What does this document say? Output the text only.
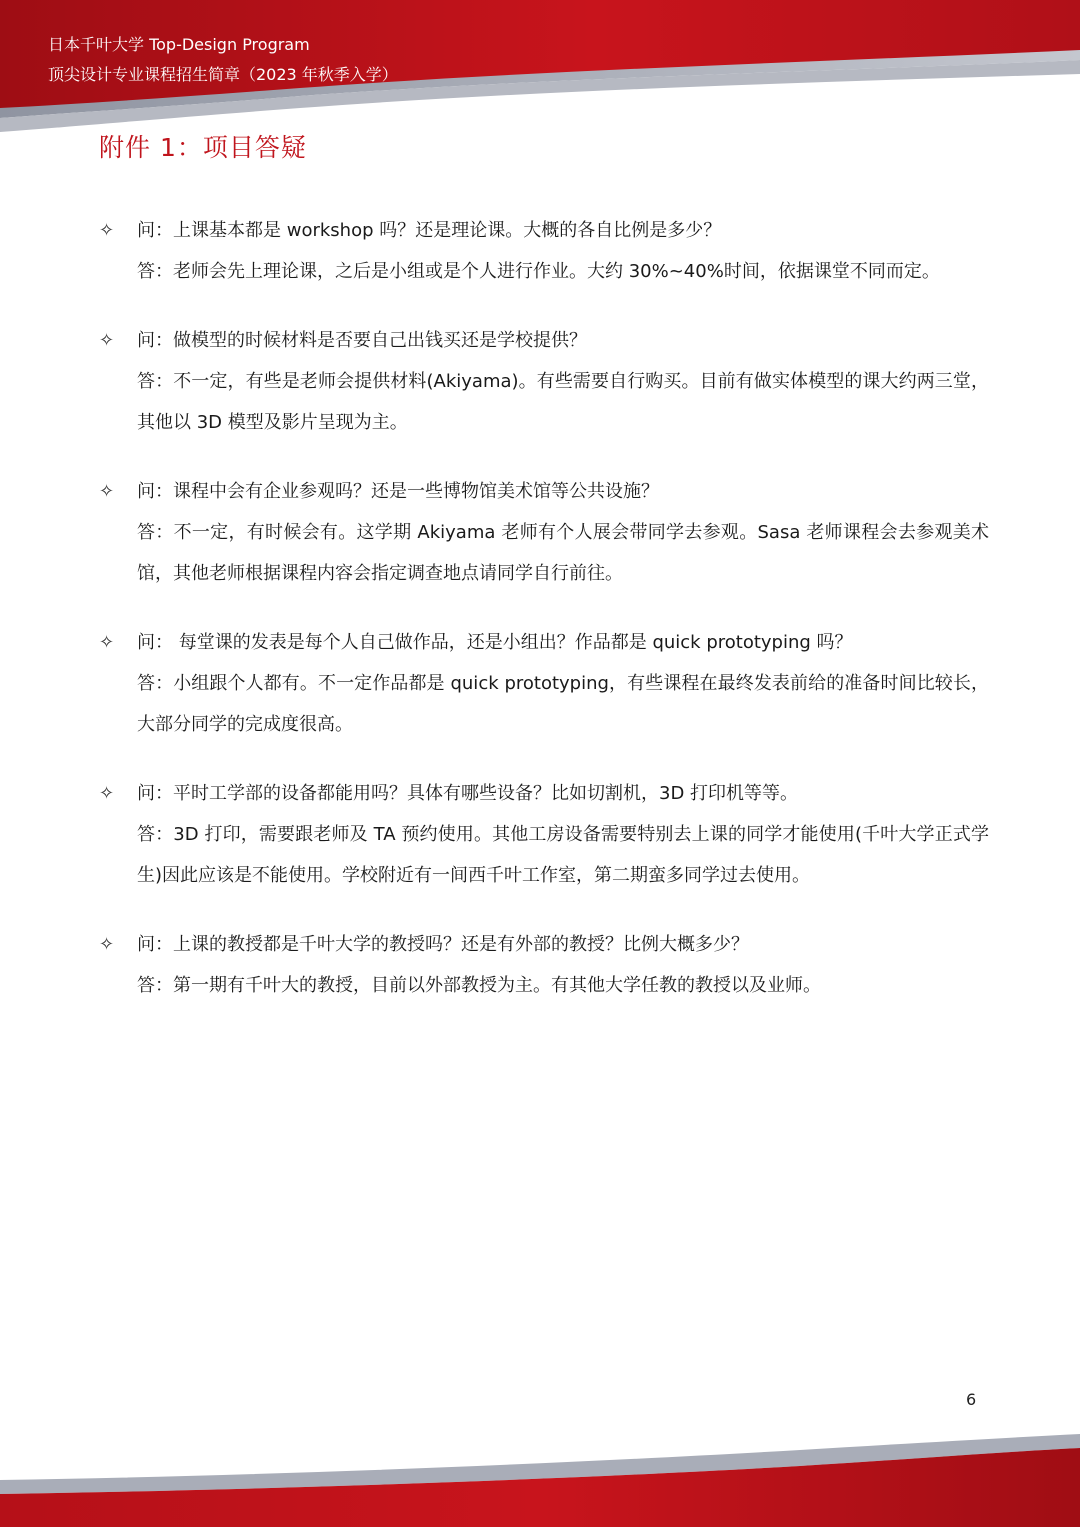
日本千叶大学 Top-Design Program
顶尖设计专业课程招生简章（2023 年秋季入学）
附件 1：项目答疑
✧	问：上课基本都是 workshop 吗？还是理论课。大概的各自比例是多少？

答：老师会先上理论课，之后是小组或是个人进行作业。大约 30%~40%时间，依据课堂不同而定。

✧	问：做模型的时候材料是否要自己出钱买还是学校提供？

答：不一定，有些是老师会提供材料(Akiyama)。有些需要自行购买。目前有做实体模型的课大约两三堂，其他以 3D 模型及影片呈现为主。

✧	问：课程中会有企业参观吗？还是一些博物馆美术馆等公共设施？

答：不一定，有时候会有。这学期 Akiyama 老师有个人展会带同学去参观。Sasa 老师课程会去参观美术馆，其他老师根据课程内容会指定调查地点请同学自行前往。

✧	问： 每堂课的发表是每个人自己做作品，还是小组出？作品都是 quick prototyping 吗？

答：小组跟个人都有。不一定作品都是 quick prototyping，有些课程在最终发表前给的准备时间比较长，大部分同学的完成度很高。

✧	问：平时工学部的设备都能用吗？具体有哪些设备？比如切割机，3D 打印机等等。

答：3D 打印，需要跟老师及 TA 预约使用。其他工房设备需要特别去上课的同学才能使用(千叶大学正式学生)因此应该是不能使用。学校附近有一间西千叶工作室，第二期蛮多同学过去使用。

✧	问：上课的教授都是千叶大学的教授吗？还是有外部的教授？比例大概多少？

答：第一期有千叶大的教授，目前以外部教授为主。有其他大学任教的教授以及业师。

6
